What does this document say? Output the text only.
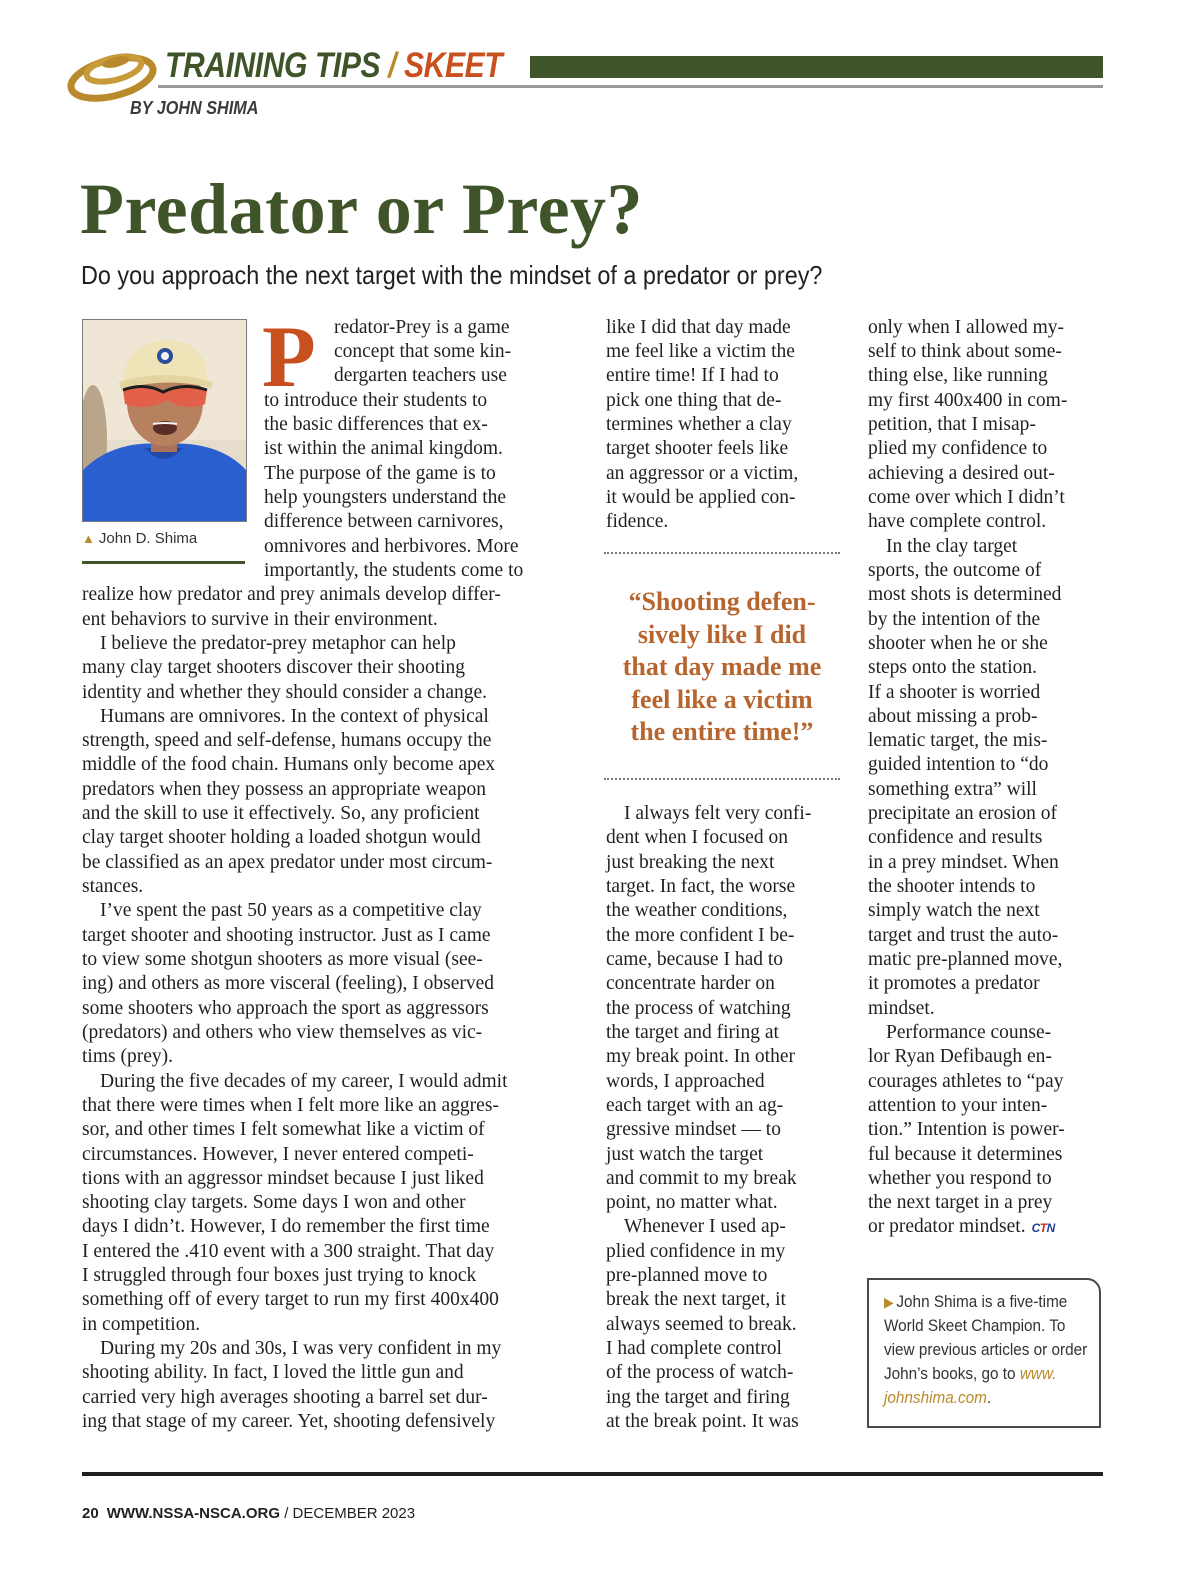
TRAINING TIPS / SKEET
BY JOHN SHIMA
Predator or Prey?
Do you approach the next target with the mindset of a predator or prey?
▲ John D. Shima
P redator-Prey is a game
concept that some kin-
dergarten teachers use
to introduce their students to
the basic differences that ex-
ist within the animal kingdom.
The purpose of the game is to
help youngsters understand the
difference between carnivores,
omnivores and herbivores. More
importantly, the students come to
realize how predator and prey animals develop differ-
ent behaviors to survive in their environment.
I believe the predator-prey metaphor can help
many clay target shooters discover their shooting
identity and whether they should consider a change.
Humans are omnivores. In the context of physical
strength, speed and self-defense, humans occupy the
middle of the food chain. Humans only become apex
predators when they possess an appropriate weapon
and the skill to use it effectively. So, any proficient
clay target shooter holding a loaded shotgun would
be classified as an apex predator under most circum-
stances.
I’ve spent the past 50 years as a competitive clay
target shooter and shooting instructor. Just as I came
to view some shotgun shooters as more visual (see-
ing) and others as more visceral (feeling), I observed
some shooters who approach the sport as aggressors
(predators) and others who view themselves as vic-
tims (prey).
During the five decades of my career, I would admit
that there were times when I felt more like an aggres-
sor, and other times I felt somewhat like a victim of
circumstances. However, I never entered competi-
tions with an aggressor mindset because I just liked
shooting clay targets. Some days I won and other
days I didn’t. However, I do remember the first time
I entered the .410 event with a 300 straight. That day
I struggled through four boxes just trying to knock
something off of every target to run my first 400x400
in competition.
During my 20s and 30s, I was very confident in my
shooting ability. In fact, I loved the little gun and
carried very high averages shooting a barrel set dur-
ing that stage of my career. Yet, shooting defensively
like I did that day made
me feel like a victim the
entire time! If I had to
pick one thing that de-
termines whether a clay
target shooter feels like
an aggressor or a victim,
it would be applied con-
fidence.
“Shooting defen-
sively like I did
that day made me
feel like a victim
the entire time!”
I always felt very confi-
dent when I focused on
just breaking the next
target. In fact, the worse
the weather conditions,
the more confident I be-
came, because I had to
concentrate harder on
the process of watching
the target and firing at
my break point. In other
words, I approached
each target with an ag-
gressive mindset — to
just watch the target
and commit to my break
point, no matter what.
Whenever I used ap-
plied confidence in my
pre-planned move to
break the next target, it
always seemed to break.
I had complete control
of the process of watch-
ing the target and firing
at the break point. It was
only when I allowed my-
self to think about some-
thing else, like running
my first 400x400 in com-
petition, that I misap-
plied my confidence to
achieving a desired out-
come over which I didn’t
have complete control.
In the clay target
sports, the outcome of
most shots is determined
by the intention of the
shooter when he or she
steps onto the station.
If a shooter is worried
about missing a prob-
lematic target, the mis-
guided intention to “do
something extra” will
precipitate an erosion of
confidence and results
in a prey mindset. When
the shooter intends to
simply watch the next
target and trust the auto-
matic pre-planned move,
it promotes a predator
mindset.
Performance counse-
lor Ryan Defibaugh en-
courages athletes to “pay
attention to your inten-
tion.” Intention is power-
ful because it determines
whether you respond to
the next target in a prey
or predator mindset. CTN
▶ John Shima is a five-time
World Skeet Champion. To
view previous articles or order
John’s books, go to www.
johnshima.com.
20 WWW.NSSA-NSCA.ORG / DECEMBER 2023
